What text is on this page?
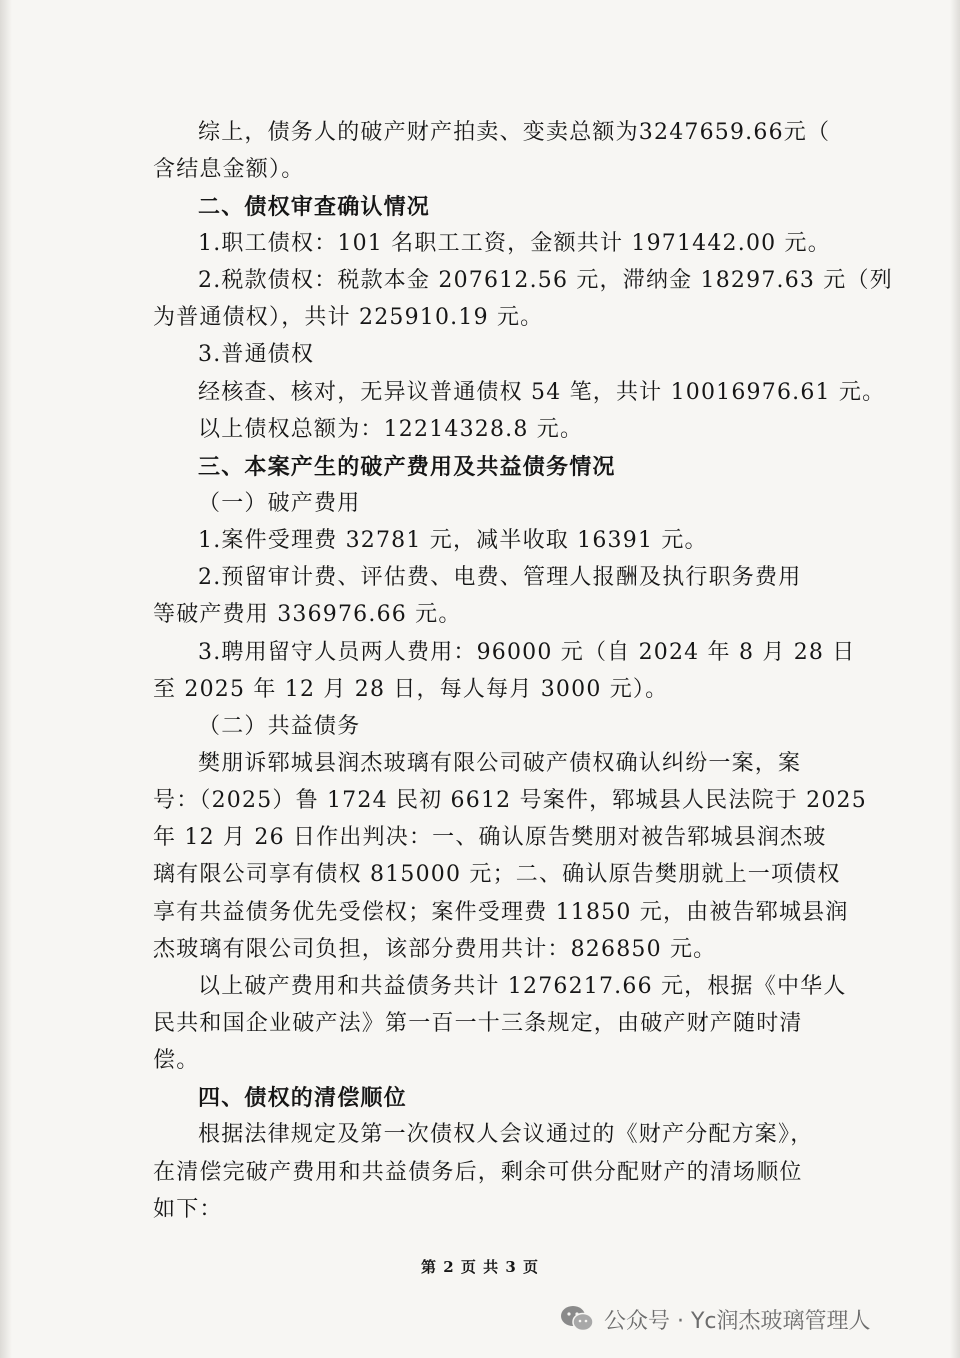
综上，债务人的破产财产拍卖、变卖总额为3247659.66元（
含结息金额）。
二、债权审查确认情况
1.职工债权：101 名职工工资，金额共计 1971442.00 元。
2.税款债权：税款本金 207612.56 元，滞纳金 18297.63 元（列
为普通债权），共计 225910.19 元。
3.普通债权
经核查、核对，无异议普通债权 54 笔，共计 10016976.61 元。
以上债权总额为：12214328.8 元。
三、本案产生的破产费用及共益债务情况
（一）破产费用
1.案件受理费 32781 元，减半收取 16391 元。
2.预留审计费、评估费、电费、管理人报酬及执行职务费用
等破产费用 336976.66 元。
3.聘用留守人员两人费用：96000 元（自 2024 年 8 月 28 日
至 2025 年 12 月 28 日，每人每月 3000 元）。
（二）共益债务
樊朋诉郓城县润杰玻璃有限公司破产债权确认纠纷一案，案
号：（2025）鲁 1724 民初 6612 号案件，郓城县人民法院于 2025
年 12 月 26 日作出判决：一、确认原告樊朋对被告郓城县润杰玻
璃有限公司享有债权 815000 元；二、确认原告樊朋就上一项债权
享有共益债务优先受偿权；案件受理费 11850 元，由被告郓城县润
杰玻璃有限公司负担，该部分费用共计：826850 元。
以上破产费用和共益债务共计 1276217.66 元，根据《中华人
民共和国企业破产法》第一百一十三条规定，由破产财产随时清
偿。
四、债权的清偿顺位
根据法律规定及第一次债权人会议通过的《财产分配方案》，
在清偿完破产费用和共益债务后，剩余可供分配财产的清场顺位
如下：
第 2 页 共 3 页
公众号 · Yc润杰玻璃管理人
